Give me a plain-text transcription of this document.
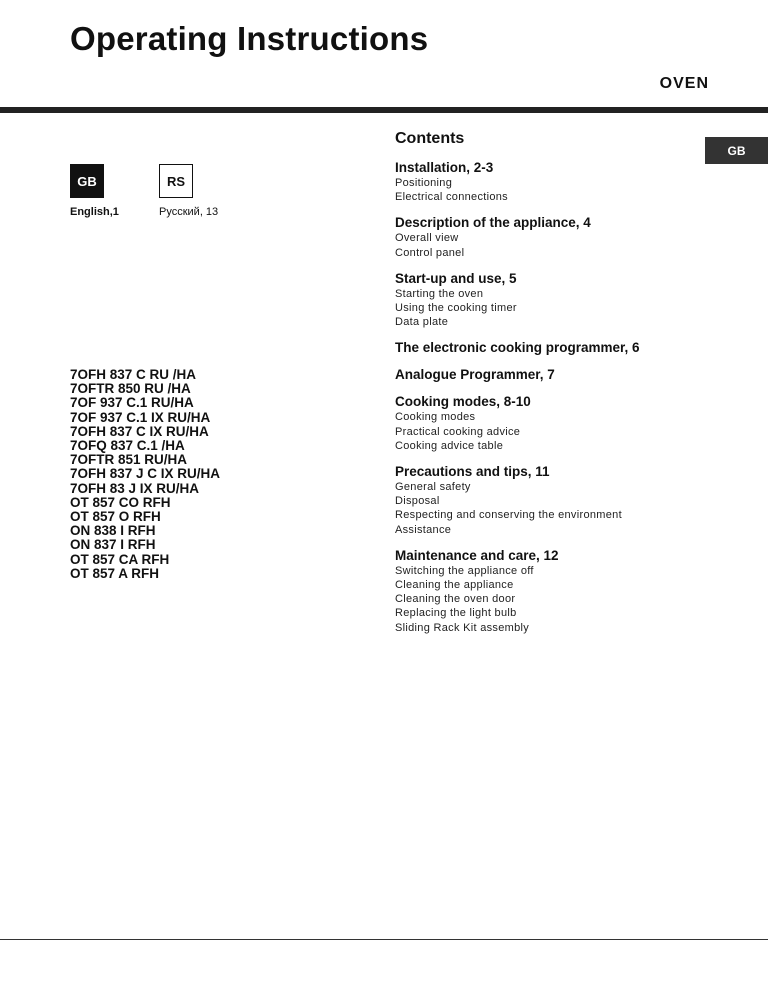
Operating Instructions
OVEN
GB
English,1
RS
Русский, 13
GB
7OFH 837 C RU /HA
7OFTR 850 RU /HA
7OF 937 C.1 RU/HA
7OF 937 C.1 IX RU/HA
7OFH 837 C IX RU/HA
7OFQ 837 C.1 /HA
7OFTR 851 RU/HA
7OFH 837 J C IX RU/HA
7OFH 83 J IX RU/HA
OT 857 CO RFH
OT 857 O RFH
ON 838 I RFH
ON 837 I RFH
OT 857 CA RFH
OT 857 A RFH
Contents
Installation, 2-3
Positioning
Electrical connections
Description of the appliance, 4
Overall view
Control panel
Start-up and use, 5
Starting the oven
Using the cooking timer
Data plate
The electronic cooking programmer, 6
Analogue Programmer, 7
Cooking modes, 8-10
Cooking modes
Practical cooking advice
Cooking advice table
Precautions and tips, 11
General safety
Disposal
Respecting and conserving the environment
Assistance
Maintenance and care, 12
Switching the appliance off
Cleaning the appliance
Cleaning the oven door
Replacing the light bulb
Sliding Rack Kit assembly
